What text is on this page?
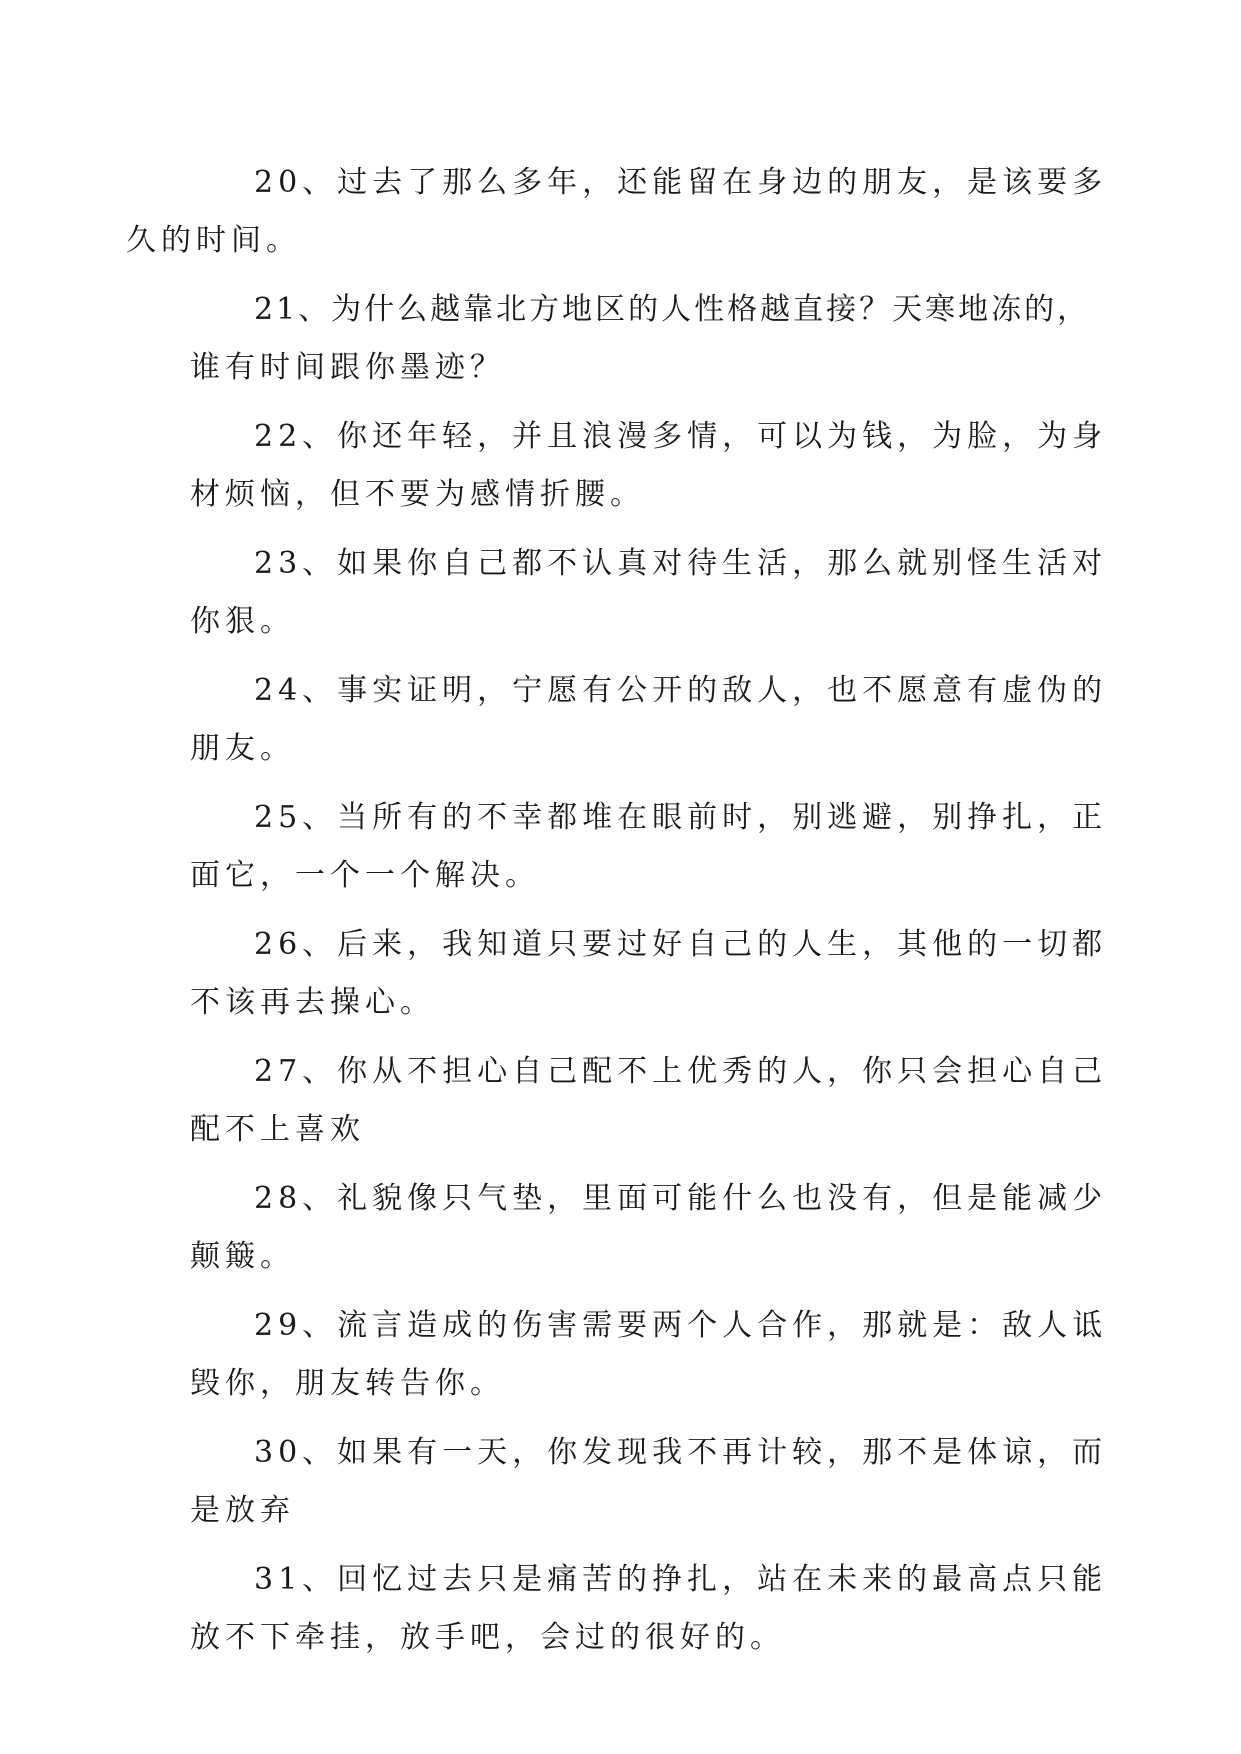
20、过去了那么多年，还能留在身边的朋友，是该要多
久的时间。
21、为什么越靠北方地区的人性格越直接？天寒地冻的，
谁有时间跟你墨迹？
22、你还年轻，并且浪漫多情，可以为钱，为脸，为身
材烦恼，但不要为感情折腰。
23、如果你自己都不认真对待生活，那么就别怪生活对
你狠。
24、事实证明，宁愿有公开的敌人，也不愿意有虚伪的
朋友。
25、当所有的不幸都堆在眼前时，别逃避，别挣扎，正
面它，一个一个解决。
26、后来，我知道只要过好自己的人生，其他的一切都
不该再去操心。
27、你从不担心自己配不上优秀的人，你只会担心自己
配不上喜欢
28、礼貌像只气垫，里面可能什么也没有，但是能减少
颠簸。
29、流言造成的伤害需要两个人合作，那就是：敌人诋
毁你，朋友转告你。
30、如果有一天，你发现我不再计较，那不是体谅，而
是放弃
31、回忆过去只是痛苦的挣扎，站在未来的最高点只能
放不下牵挂，放手吧，会过的很好的。
